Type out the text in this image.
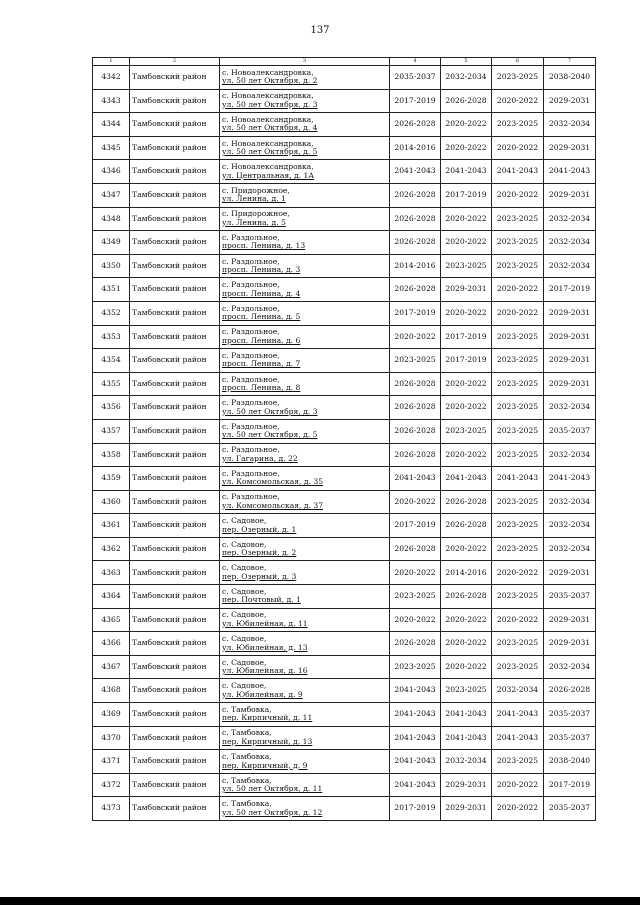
137
1	2	3	4	5	6	7
4342	Тамбовский район	с. Новоалександровка,
ул. 50 лет Октября, д. 2	2035-2037	2032-2034	2023-2025	2038-2040
4343	Тамбовский район	с. Новоалександровка,
ул. 50 лет Октября, д. 3	2017-2019	2026-2028	2020-2022	2029-2031
4344	Тамбовский район	с. Новоалександровка,
ул. 50 лет Октября, д. 4	2026-2028	2020-2022	2023-2025	2032-2034
4345	Тамбовский район	с. Новоалександровка,
ул. 50 лет Октября, д. 5	2014-2016	2020-2022	2020-2022	2029-2031
4346	Тамбовский район	с. Новоалександровка,
ул. Центральная, д. 1А	2041-2043	2041-2043	2041-2043	2041-2043
4347	Тамбовский район	с. Придорожное,
ул. Ленина, д. 1	2026-2028	2017-2019	2020-2022	2029-2031
4348	Тамбовский район	с. Придорожное,
ул. Ленина, д. 5	2026-2028	2020-2022	2023-2025	2032-2034
4349	Тамбовский район	с. Раздольное,
просп. Ленина, д. 13	2026-2028	2020-2022	2023-2025	2032-2034
4350	Тамбовский район	с. Раздольное,
просп. Ленина, д. 3	2014-2016	2023-2025	2023-2025	2032-2034
4351	Тамбовский район	с. Раздольное,
просп. Ленина, д. 4	2026-2028	2029-2031	2020-2022	2017-2019
4352	Тамбовский район	с. Раздольное,
просп. Ленина, д. 5	2017-2019	2020-2022	2020-2022	2029-2031
4353	Тамбовский район	с. Раздольное,
просп. Ленина, д. 6	2020-2022	2017-2019	2023-2025	2029-2031
4354	Тамбовский район	с. Раздольное,
просп. Ленина, д. 7	2023-2025	2017-2019	2023-2025	2029-2031
4355	Тамбовский район	с. Раздольное,
просп. Ленина, д. 8	2026-2028	2020-2022	2023-2025	2029-2031
4356	Тамбовский район	с. Раздольное,
ул. 50 лет Октября, д. 3	2026-2028	2020-2022	2023-2025	2032-2034
4357	Тамбовский район	с. Раздольное,
ул. 50 лет Октября, д. 5	2026-2028	2023-2025	2023-2025	2035-2037
4358	Тамбовский район	с. Раздольное,
ул. Гагарина, д. 22	2026-2028	2020-2022	2023-2025	2032-2034
4359	Тамбовский район	с. Раздольное,
ул. Комсомольская, д. 35	2041-2043	2041-2043	2041-2043	2041-2043
4360	Тамбовский район	с. Раздольное,
ул. Комсомольская, д. 37	2020-2022	2026-2028	2023-2025	2032-2034
4361	Тамбовский район	с. Садовое,
пер. Озерный, д. 1	2017-2019	2026-2028	2023-2025	2032-2034
4362	Тамбовский район	с. Садовое,
пер. Озерный, д. 2	2026-2028	2020-2022	2023-2025	2032-2034
4363	Тамбовский район	с. Садовое,
пер. Озерный, д. 3	2020-2022	2014-2016	2020-2022	2029-2031
4364	Тамбовский район	с. Садовое,
пер. Почтовый, д. 1	2023-2025	2026-2028	2023-2025	2035-2037
4365	Тамбовский район	с. Садовое,
ул. Юбилейная, д. 11	2020-2022	2020-2022	2020-2022	2029-2031
4366	Тамбовский район	с. Садовое,
ул. Юбилейная, д. 13	2026-2028	2020-2022	2023-2025	2029-2031
4367	Тамбовский район	с. Садовое,
ул. Юбилейная, д. 16	2023-2025	2020-2022	2023-2025	2032-2034
4368	Тамбовский район	с. Садовое,
ул. Юбилейная, д. 9	2041-2043	2023-2025	2032-2034	2026-2028
4369	Тамбовский район	с. Тамбовка,
пер. Кирпичный, д. 11	2041-2043	2041-2043	2041-2043	2035-2037
4370	Тамбовский район	с. Тамбовка,
пер. Кирпичный, д. 13	2041-2043	2041-2043	2041-2043	2035-2037
4371	Тамбовский район	с. Тамбовка,
пер. Кирпичный, д. 9	2041-2043	2032-2034	2023-2025	2038-2040
4372	Тамбовский район	с. Тамбовка,
ул. 50 лет Октября, д. 11	2041-2043	2029-2031	2020-2022	2017-2019
4373	Тамбовский район	с. Тамбовка,
ул. 50 лет Октября, д. 12	2017-2019	2029-2031	2020-2022	2035-2037
